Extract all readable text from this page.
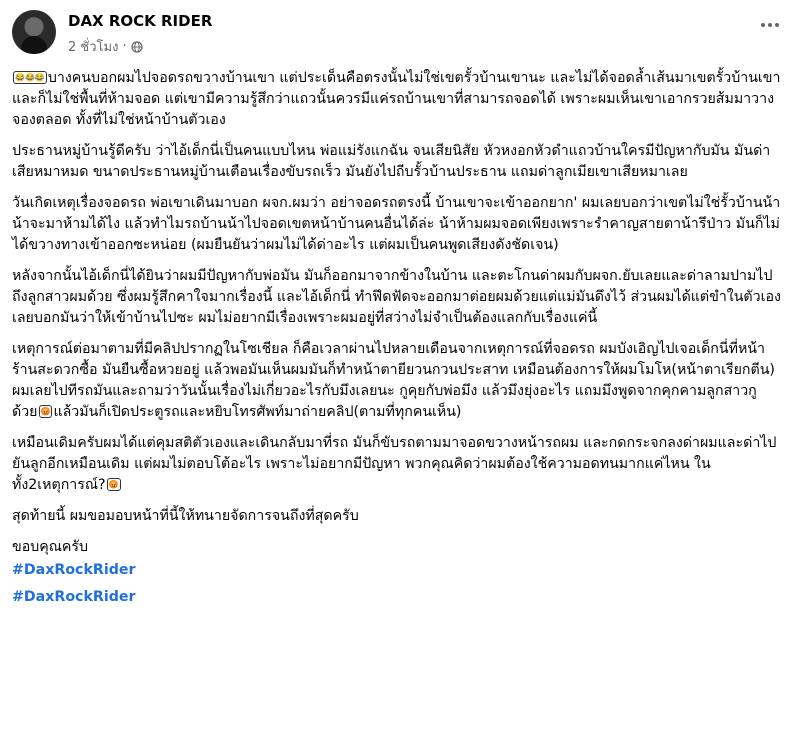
DAX ROCK RIDER
2 ชั่วโมง ·

😂😂😂 บางคนบอกผมไปจอดรถขวางบ้านเขา แต่ประเด็นคือตรงนั้นไม่ใช่เขตรั้วบ้านเขานะ และไม่ได้จอดล้ำเส้นมาเขตรั้วบ้านเขา และก็ไม่ใช่พื้นที่ห้ามจอด แต่เขามีความรู้สึกว่าแถวนั้นควรมีแค่รถบ้านเขาที่สามารถจอดได้ เพราะผมเห็นเขาเอากรวยส้มมาวางจองตลอด ทั้งที่ไม่ใช่หน้าบ้านตัวเอง

ประธานหมู่บ้านรู้ดีครับ ว่าไอ้เด็กนี่เป็นคนแบบไหน พ่อแม่รังแกฉัน จนเสียนิสัย หัวหงอกหัวดำแถวบ้านใครมีปัญหากับมัน มันด่าเสียหมาหมด ขนาดประธานหมู่บ้านเตือนเรื่องขับรถเร็ว มันยังไปถีบรั้วบ้านประธาน แถมด่าลูกเมียเขาเสียหมาเลย

วันเกิดเหตุเรื่องจอดรถ พ่อเขาเดินมาบอก ผจก.ผมว่า อย่าจอดรถตรงนี้ บ้านเขาจะเข้าออกยาก' ผมเลยบอกว่าเขตไม่ใช่รั้วบ้านน้า น้าจะมาห้ามได้ไง แล้วทำไมรถบ้านน้าไปจอดเขตหน้าบ้านคนอื่นได้ล่ะ น้าห้ามผมจอดเพียงเพราะรำคาญสายตาน้ารึป่าว มันก็ไม่ได้ขวางทางเข้าออกซะหน่อย (ผมยืนยันว่าผมไม่ได้ด่าอะไร แต่ผมเป็นคนพูดเสียงดังชัดเจน)

หลังจากนั้นไอ้เด็กนี่ได้ยินว่าผมมีปัญหากับพ่อมัน มันก็ออกมาจากข้างในบ้าน และตะโกนด่าผมกับผจก.ยับเลยและด่าลามปามไปถึงลูกสาวผมด้วย ซึ่งผมรู้สึกคาใจมากเรื่องนี้ และไอ้เด็กนี่ ทำฟึดฟัดจะออกมาต่อยผมด้วยแต่แม่มันดึงไว้ ส่วนผมได้แต่ขำในตัวเอง เลยบอกมันว่าให้เข้าบ้านไปซะ ผมไม่อยากมีเรื่องเพราะผมอยู่ที่สว่างไม่จำเป็นต้องแลกกับเรื่องแค่นี้

เหตุการณ์ต่อมาตามที่มีคลิปปรากฏในโซเชียล ก็คือเวลาผ่านไปหลายเดือนจากเหตุการณ์ที่จอดรถ ผมบังเอิญไปเจอเด็กนี่ที่หน้าร้านสะดวกซื้อ มันยืนซื้อหวยอยู่ แล้วพอมันเห็นผมมันก็ทำหน้าตายียวนกวนประสาท เหมือนต้องการให้ผมโมโห(หน้าตาเรียกตีน) ผมเลยไปทีรถมันและถามว่าวันนั้นเรื่องไม่เกี่ยวอะไรกับมึงเลยนะ กูคุยกับพ่อมึง แล้วมึงยุ่งอะไร แถมมึงพูดจากคุกคามลูกสาวกูด้วย 😡 แล้วมันก็เปิดประตูรถและหยิบโทรศัพท์มาถ่ายคลิป(ตามที่ทุกคนเห็น)

เหมือนเดิมครับผมได้แต่คุมสติตัวเองและเดินกลับมาที่รถ มันก็ขับรถตามมาจอดขวางหน้ารถผม และกดกระจกลงด่าผมและด่าไปยันลูกอีกเหมือนเดิม แต่ผมไม่ตอบโต้อะไร เพราะไม่อยากมีปัญหา พวกคุณคิดว่าผมต้องใช้ความอดทนมากแค่ไหน ในทั้ง2เหตุการณ์? 😡

สุดท้ายนี้ ผมขอมอบหน้าที่นี้ให้ทนายจัดการจนถึงที่สุดครับ

ขอบคุณครับ

#DaxRockRider
#DaxRockRider
